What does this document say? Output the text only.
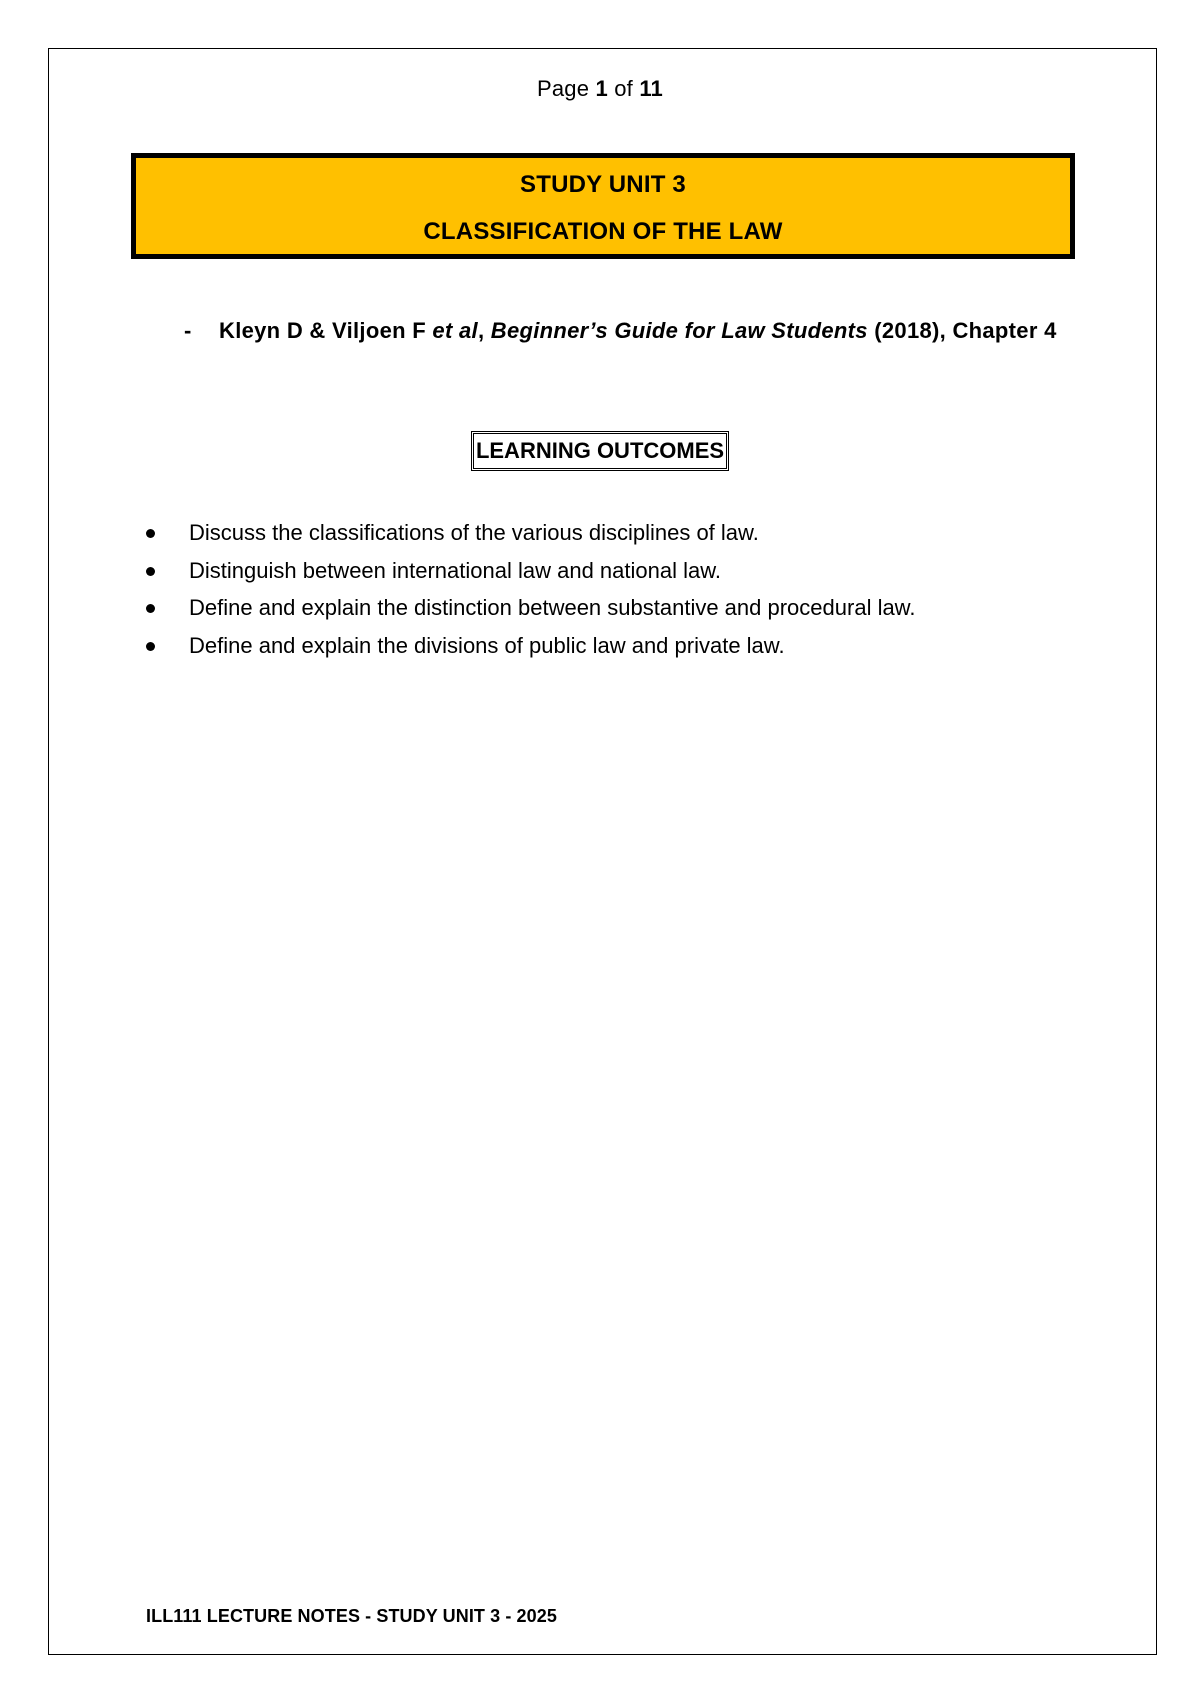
Page 1 of 11
STUDY UNIT 3
CLASSIFICATION OF THE LAW
- Kleyn D & Viljoen F et al, Beginner’s Guide for Law Students (2018), Chapter 4
LEARNING OUTCOMES
Discuss the classifications of the various disciplines of law.
Distinguish between international law and national law.
Define and explain the distinction between substantive and procedural law.
Define and explain the divisions of public law and private law.
ILL111 LECTURE NOTES - STUDY UNIT 3 - 2025
